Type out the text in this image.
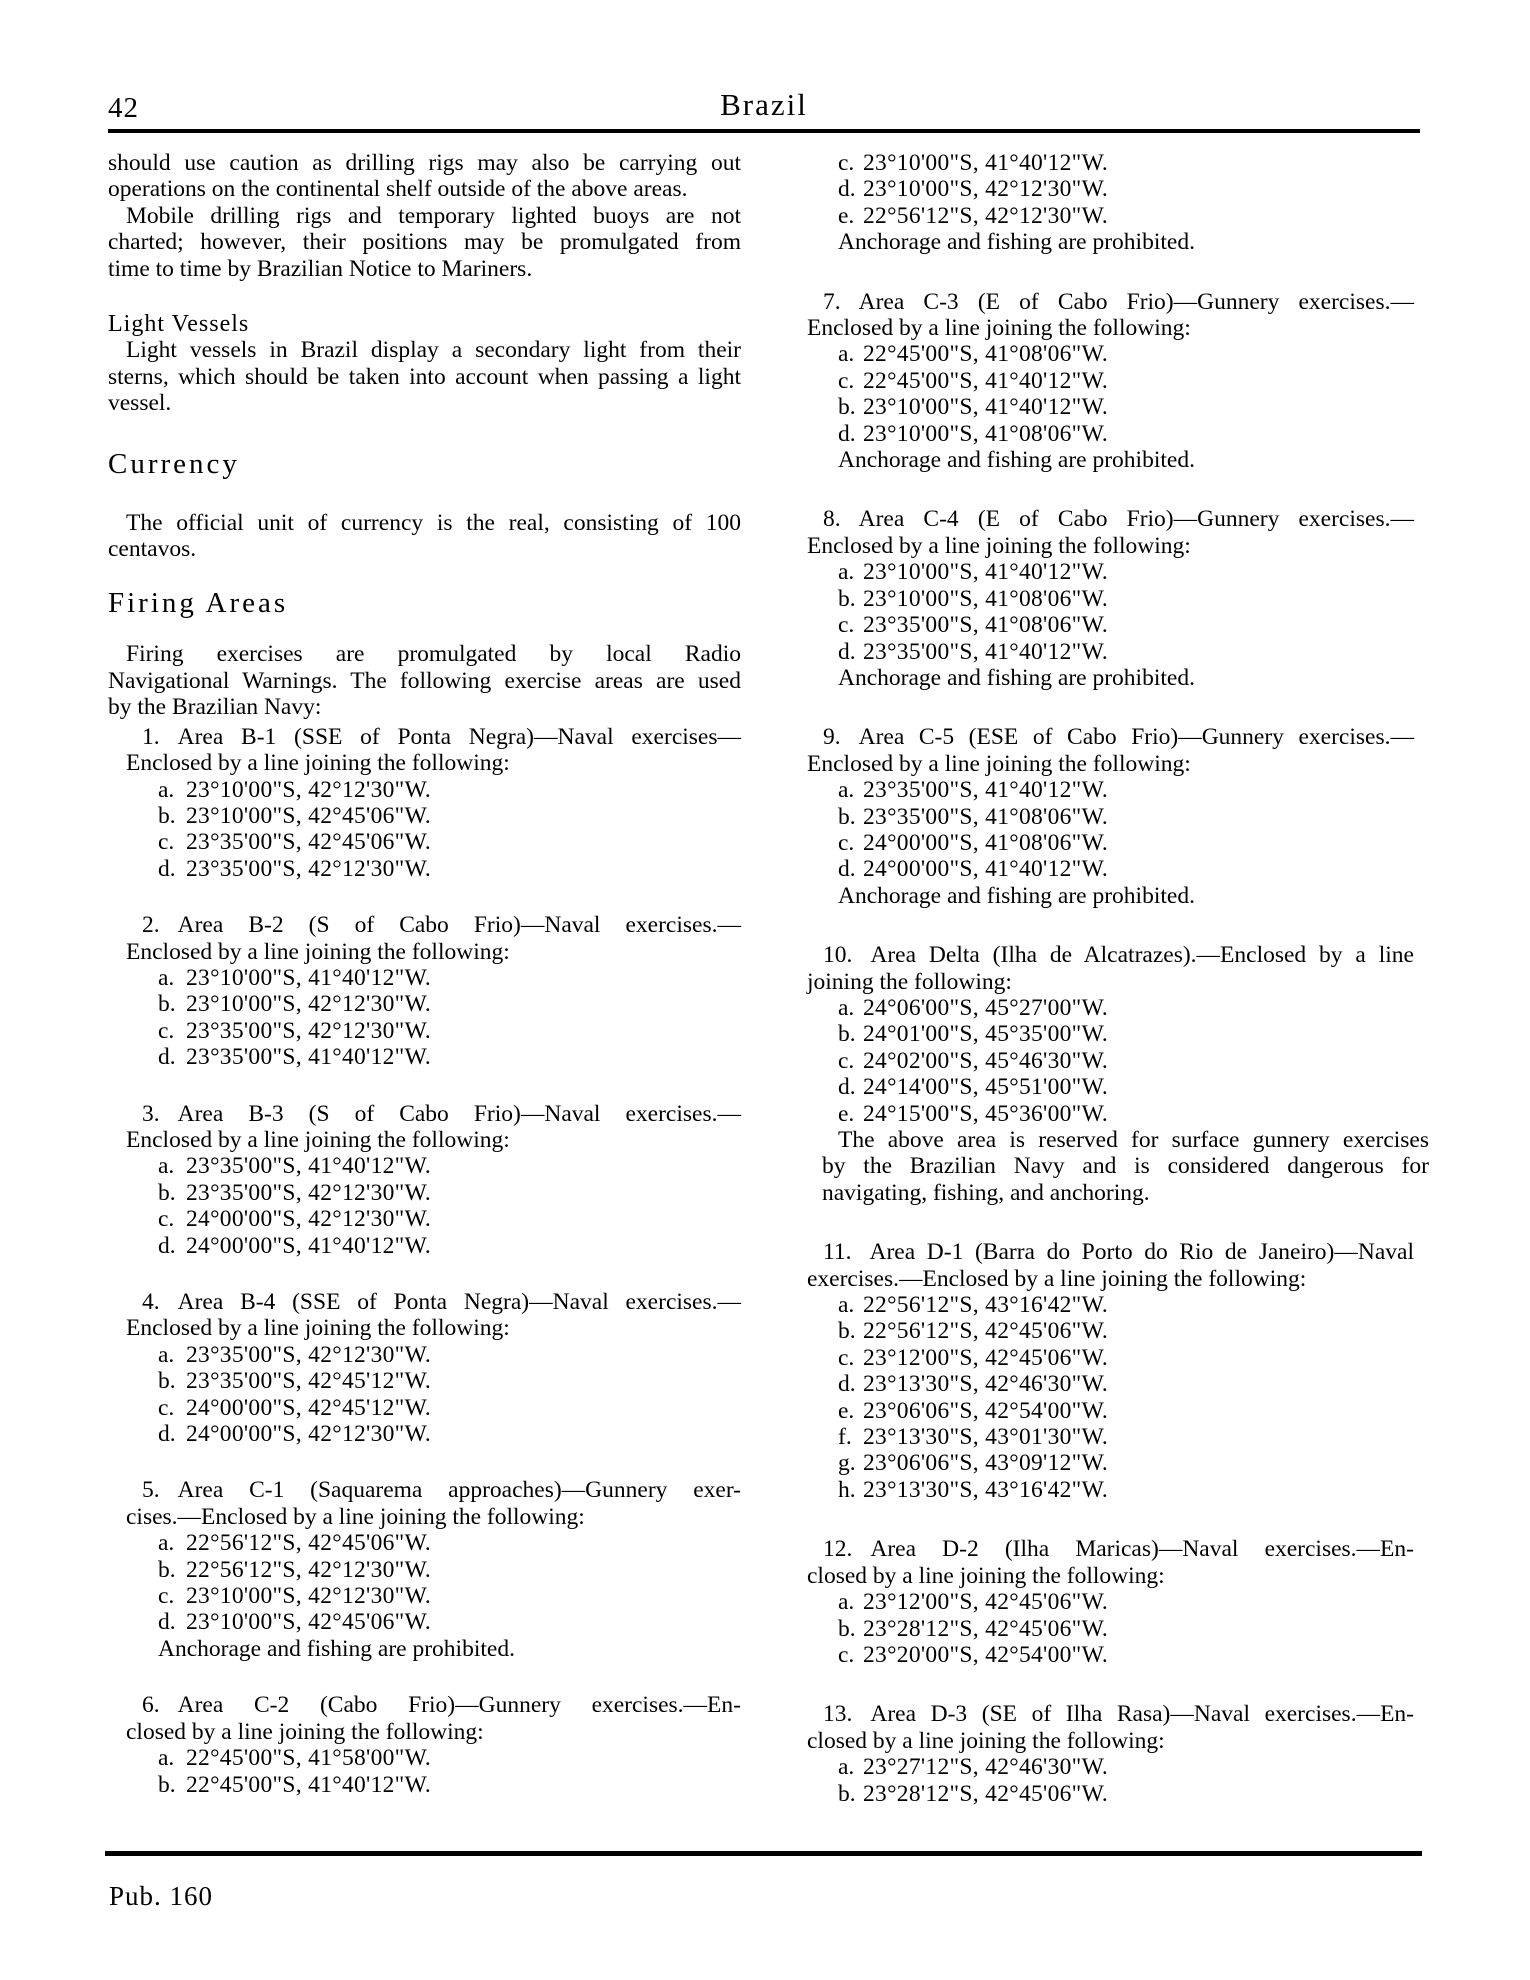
42	Brazil
should use caution as drilling rigs may also be carrying out
operations on the continental shelf outside of the above areas.
Mobile drilling rigs and temporary lighted buoys are not
charted; however, their positions may be promulgated from
time to time by Brazilian Notice to Mariners.
Light Vessels
Light vessels in Brazil display a secondary light from their
sterns, which should be taken into account when passing a light
vessel.
Currency
The official unit of currency is the real, consisting of 100
centavos.
Firing Areas
Firing exercises are promulgated by local Radio
Navigational Warnings. The following exercise areas are used
by the Brazilian Navy:
1. Area B-1 (SSE of Ponta Negra)—Naval exercises—
Enclosed by a line joining the following:
a. 23°10'00"S, 42°12'30"W.
b. 23°10'00"S, 42°45'06"W.
c. 23°35'00"S, 42°45'06"W.
d. 23°35'00"S, 42°12'30"W.
2. Area B-2 (S of Cabo Frio)—Naval exercises.—
Enclosed by a line joining the following:
a. 23°10'00"S, 41°40'12"W.
b. 23°10'00"S, 42°12'30"W.
c. 23°35'00"S, 42°12'30"W.
d. 23°35'00"S, 41°40'12"W.
3. Area B-3 (S of Cabo Frio)—Naval exercises.—
Enclosed by a line joining the following:
a. 23°35'00"S, 41°40'12"W.
b. 23°35'00"S, 42°12'30"W.
c. 24°00'00"S, 42°12'30"W.
d. 24°00'00"S, 41°40'12"W.
4. Area B-4 (SSE of Ponta Negra)—Naval exercises.—
Enclosed by a line joining the following:
a. 23°35'00"S, 42°12'30"W.
b. 23°35'00"S, 42°45'12"W.
c. 24°00'00"S, 42°45'12"W.
d. 24°00'00"S, 42°12'30"W.
5. Area C-1 (Saquarema approaches)—Gunnery exer-
cises.—Enclosed by a line joining the following:
a. 22°56'12"S, 42°45'06"W.
b. 22°56'12"S, 42°12'30"W.
c. 23°10'00"S, 42°12'30"W.
d. 23°10'00"S, 42°45'06"W.
Anchorage and fishing are prohibited.
6. Area C-2 (Cabo Frio)—Gunnery exercises.—En-
closed by a line joining the following:
a. 22°45'00"S, 41°58'00"W.
b. 22°45'00"S, 41°40'12"W.
c. 23°10'00"S, 41°40'12"W.
d. 23°10'00"S, 42°12'30"W.
e. 22°56'12"S, 42°12'30"W.
Anchorage and fishing are prohibited.
7. Area C-3 (E of Cabo Frio)—Gunnery exercises.—
Enclosed by a line joining the following:
a. 22°45'00"S, 41°08'06"W.
c. 22°45'00"S, 41°40'12"W.
b. 23°10'00"S, 41°40'12"W.
d. 23°10'00"S, 41°08'06"W.
Anchorage and fishing are prohibited.
8. Area C-4 (E of Cabo Frio)—Gunnery exercises.—
Enclosed by a line joining the following:
a. 23°10'00"S, 41°40'12"W.
b. 23°10'00"S, 41°08'06"W.
c. 23°35'00"S, 41°08'06"W.
d. 23°35'00"S, 41°40'12"W.
Anchorage and fishing are prohibited.
9. Area C-5 (ESE of Cabo Frio)—Gunnery exercises.—
Enclosed by a line joining the following:
a. 23°35'00"S, 41°40'12"W.
b. 23°35'00"S, 41°08'06"W.
c. 24°00'00"S, 41°08'06"W.
d. 24°00'00"S, 41°40'12"W.
Anchorage and fishing are prohibited.
10. Area Delta (Ilha de Alcatrazes).—Enclosed by a line
joining the following:
a. 24°06'00"S, 45°27'00"W.
b. 24°01'00"S, 45°35'00"W.
c. 24°02'00"S, 45°46'30"W.
d. 24°14'00"S, 45°51'00"W.
e. 24°15'00"S, 45°36'00"W.
The above area is reserved for surface gunnery exercises
by the Brazilian Navy and is considered dangerous for
navigating, fishing, and anchoring.
11. Area D-1 (Barra do Porto do Rio de Janeiro)—Naval
exercises.—Enclosed by a line joining the following:
a. 22°56'12"S, 43°16'42"W.
b. 22°56'12"S, 42°45'06"W.
c. 23°12'00"S, 42°45'06"W.
d. 23°13'30"S, 42°46'30"W.
e. 23°06'06"S, 42°54'00"W.
f. 23°13'30"S, 43°01'30"W.
g. 23°06'06"S, 43°09'12"W.
h. 23°13'30"S, 43°16'42"W.
12. Area D-2 (Ilha Maricas)—Naval exercises.—En-
closed by a line joining the following:
a. 23°12'00"S, 42°45'06"W.
b. 23°28'12"S, 42°45'06"W.
c. 23°20'00"S, 42°54'00"W.
13. Area D-3 (SE of Ilha Rasa)—Naval exercises.—En-
closed by a line joining the following:
a. 23°27'12"S, 42°46'30"W.
b. 23°28'12"S, 42°45'06"W.
Pub. 160
